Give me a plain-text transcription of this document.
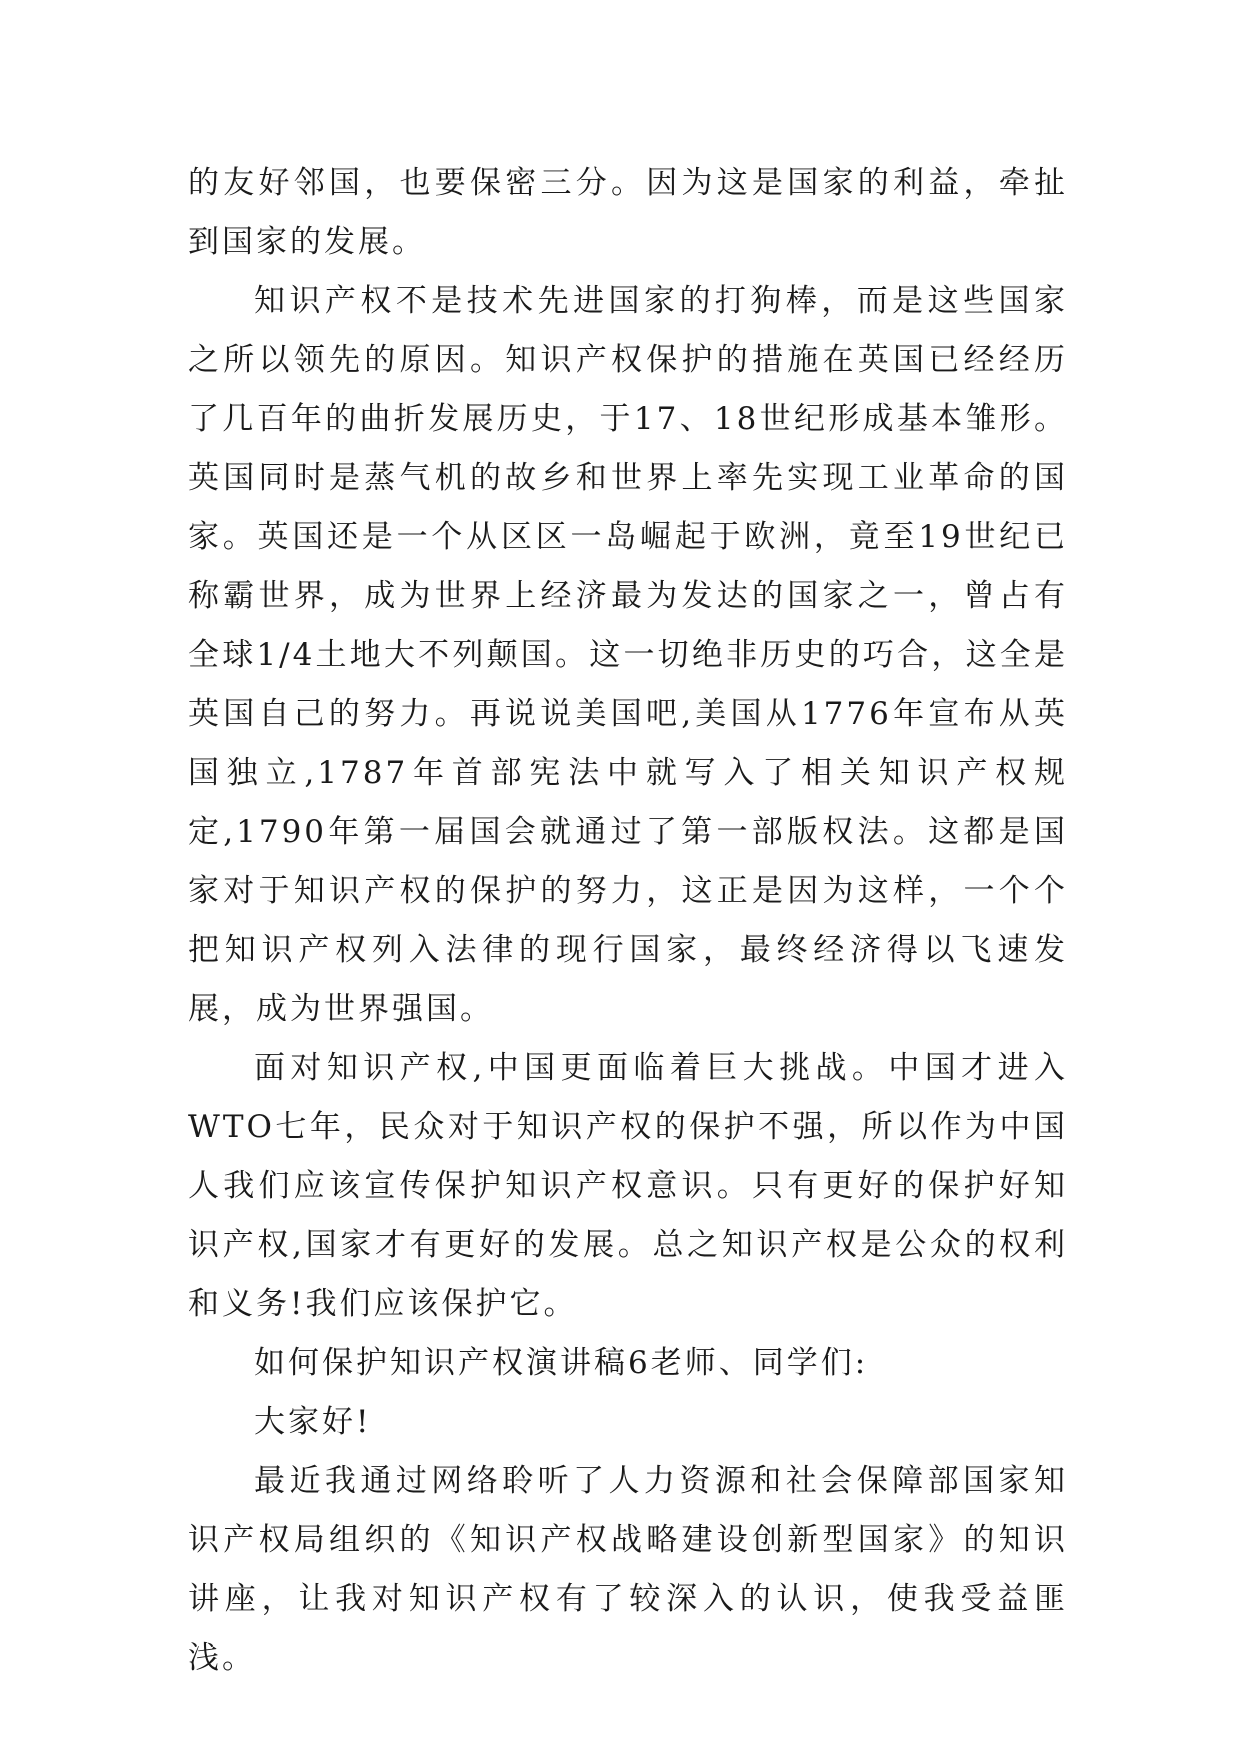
的友好邻国，也要保密三分。因为这是国家的利益，牵扯到国家的发展。

知识产权不是技术先进国家的打狗棒，而是这些国家之所以领先的原因。知识产权保护的措施在英国已经经历了几百年的曲折发展历史，于17、18世纪形成基本雏形。英国同时是蒸气机的故乡和世界上率先实现工业革命的国家。英国还是一个从区区一岛崛起于欧洲，竟至19世纪已称霸世界，成为世界上经济最为发达的国家之一，曾占有全球1/4土地大不列颠国。这一切绝非历史的巧合，这全是英国自己的努力。再说说美国吧,美国从1776年宣布从英国独立,1787年首部宪法中就写入了相关知识产权规定,1790年第一届国会就通过了第一部版权法。这都是国家对于知识产权的保护的努力，这正是因为这样，一个个把知识产权列入法律的现行国家，最终经济得以飞速发展，成为世界强国。

面对知识产权,中国更面临着巨大挑战。中国才进入WTO七年，民众对于知识产权的保护不强，所以作为中国人我们应该宣传保护知识产权意识。只有更好的保护好知识产权,国家才有更好的发展。总之知识产权是公众的权利和义务!我们应该保护它。

如何保护知识产权演讲稿6老师、同学们:

大家好!

最近我通过网络聆听了人力资源和社会保障部国家知识产权局组织的《知识产权战略建设创新型国家》的知识讲座，让我对知识产权有了较深入的认识，使我受益匪浅。
